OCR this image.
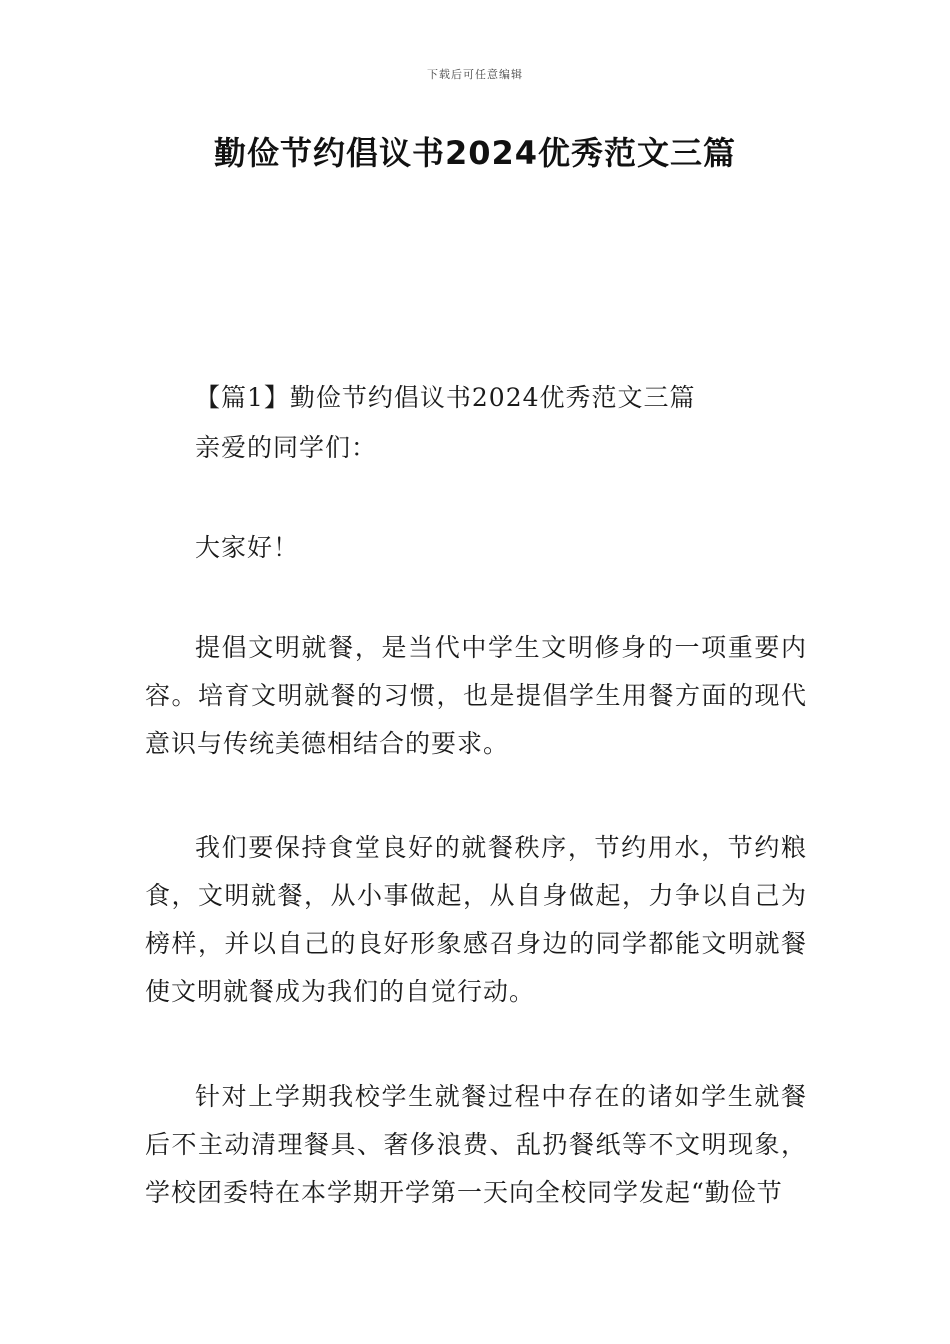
下载后可任意编辑
勤俭节约倡议书2024优秀范文三篇

【篇1】勤俭节约倡议书2024优秀范文三篇

亲爱的同学们：

大家好！

提倡文明就餐，是当代中学生文明修身的一项重要内容。培育文明就餐的习惯，也是提倡学生用餐方面的现代意识与传统美德相结合的要求。

我们要保持食堂良好的就餐秩序，节约用水，节约粮食，文明就餐，从小事做起，从自身做起，力争以自己为榜样，并以自己的良好形象感召身边的同学都能文明就餐使文明就餐成为我们的自觉行动。

针对上学期我校学生就餐过程中存在的诸如学生就餐后不主动清理餐具、奢侈浪费、乱扔餐纸等不文明现象，学校团委特在本学期开学第一天向全校同学发起“勤俭节
